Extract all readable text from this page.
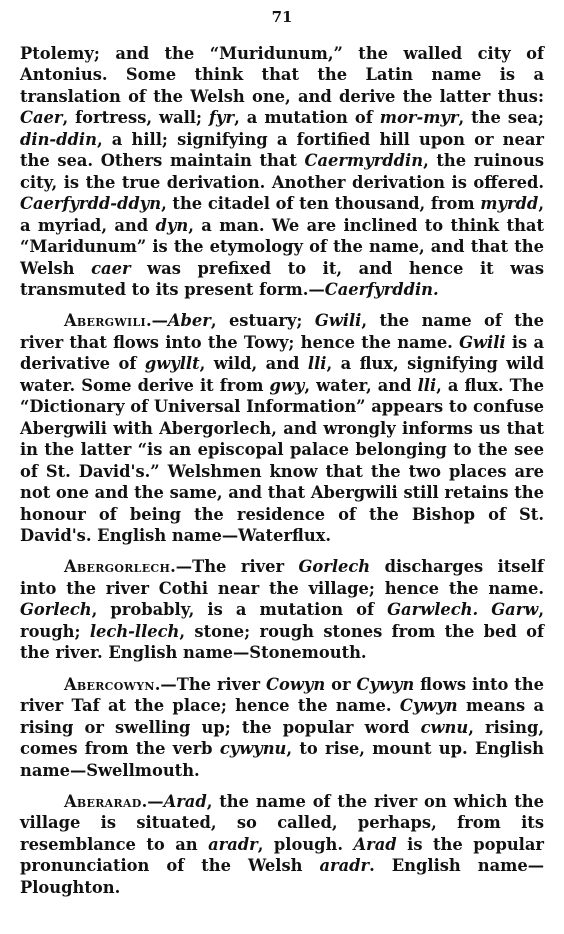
71

Ptolemy; and the “Muridunum,” the walled city of Antonius. Some think that the Latin name is a translation of the Welsh one, and derive the latter thus: Caer, fortress, wall; fyr, a mutation of mor-myr, the sea; din-ddin, a hill; signifying a fortified hill upon or near the sea. Others maintain that Caermyrddin, the ruinous city, is the true derivation. Another derivation is offered. Caerfyrdd-ddyn, the citadel of ten thousand, from myrdd, a myriad, and dyn, a man. We are inclined to think that “Maridunum” is the etymology of the name, and that the Welsh caer was prefixed to it, and hence it was transmuted to its present form.—Caerfyrddin.

Abergwili.—Aber, estuary; Gwili, the name of the river that flows into the Towy; hence the name. Gwili is a derivative of gwyllt, wild, and lli, a flux, signifying wild water. Some derive it from gwy, water, and lli, a flux. The “Dictionary of Universal Information” appears to confuse Abergwili with Abergorlech, and wrongly informs us that in the latter “is an episcopal palace belonging to the see of St. David's.” Welshmen know that the two places are not one and the same, and that Abergwili still retains the honour of being the residence of the Bishop of St. David's. English name—Waterflux.

Abergorlech.—The river Gorlech discharges itself into the river Cothi near the village; hence the name. Gorlech, probably, is a mutation of Garwlech. Garw, rough; lech-llech, stone; rough stones from the bed of the river. English name—Stonemouth.

Abercowyn.—The river Cowyn or Cywyn flows into the river Taf at the place; hence the name. Cywyn means a rising or swelling up; the popular word cwnu, rising, comes from the verb cywynu, to rise, mount up. English name—Swellmouth.

Aberarad.—Arad, the name of the river on which the village is situated, so called, perhaps, from its resemblance to an aradr, plough. Arad is the popular pronunciation of the Welsh aradr. English name—Ploughton.
